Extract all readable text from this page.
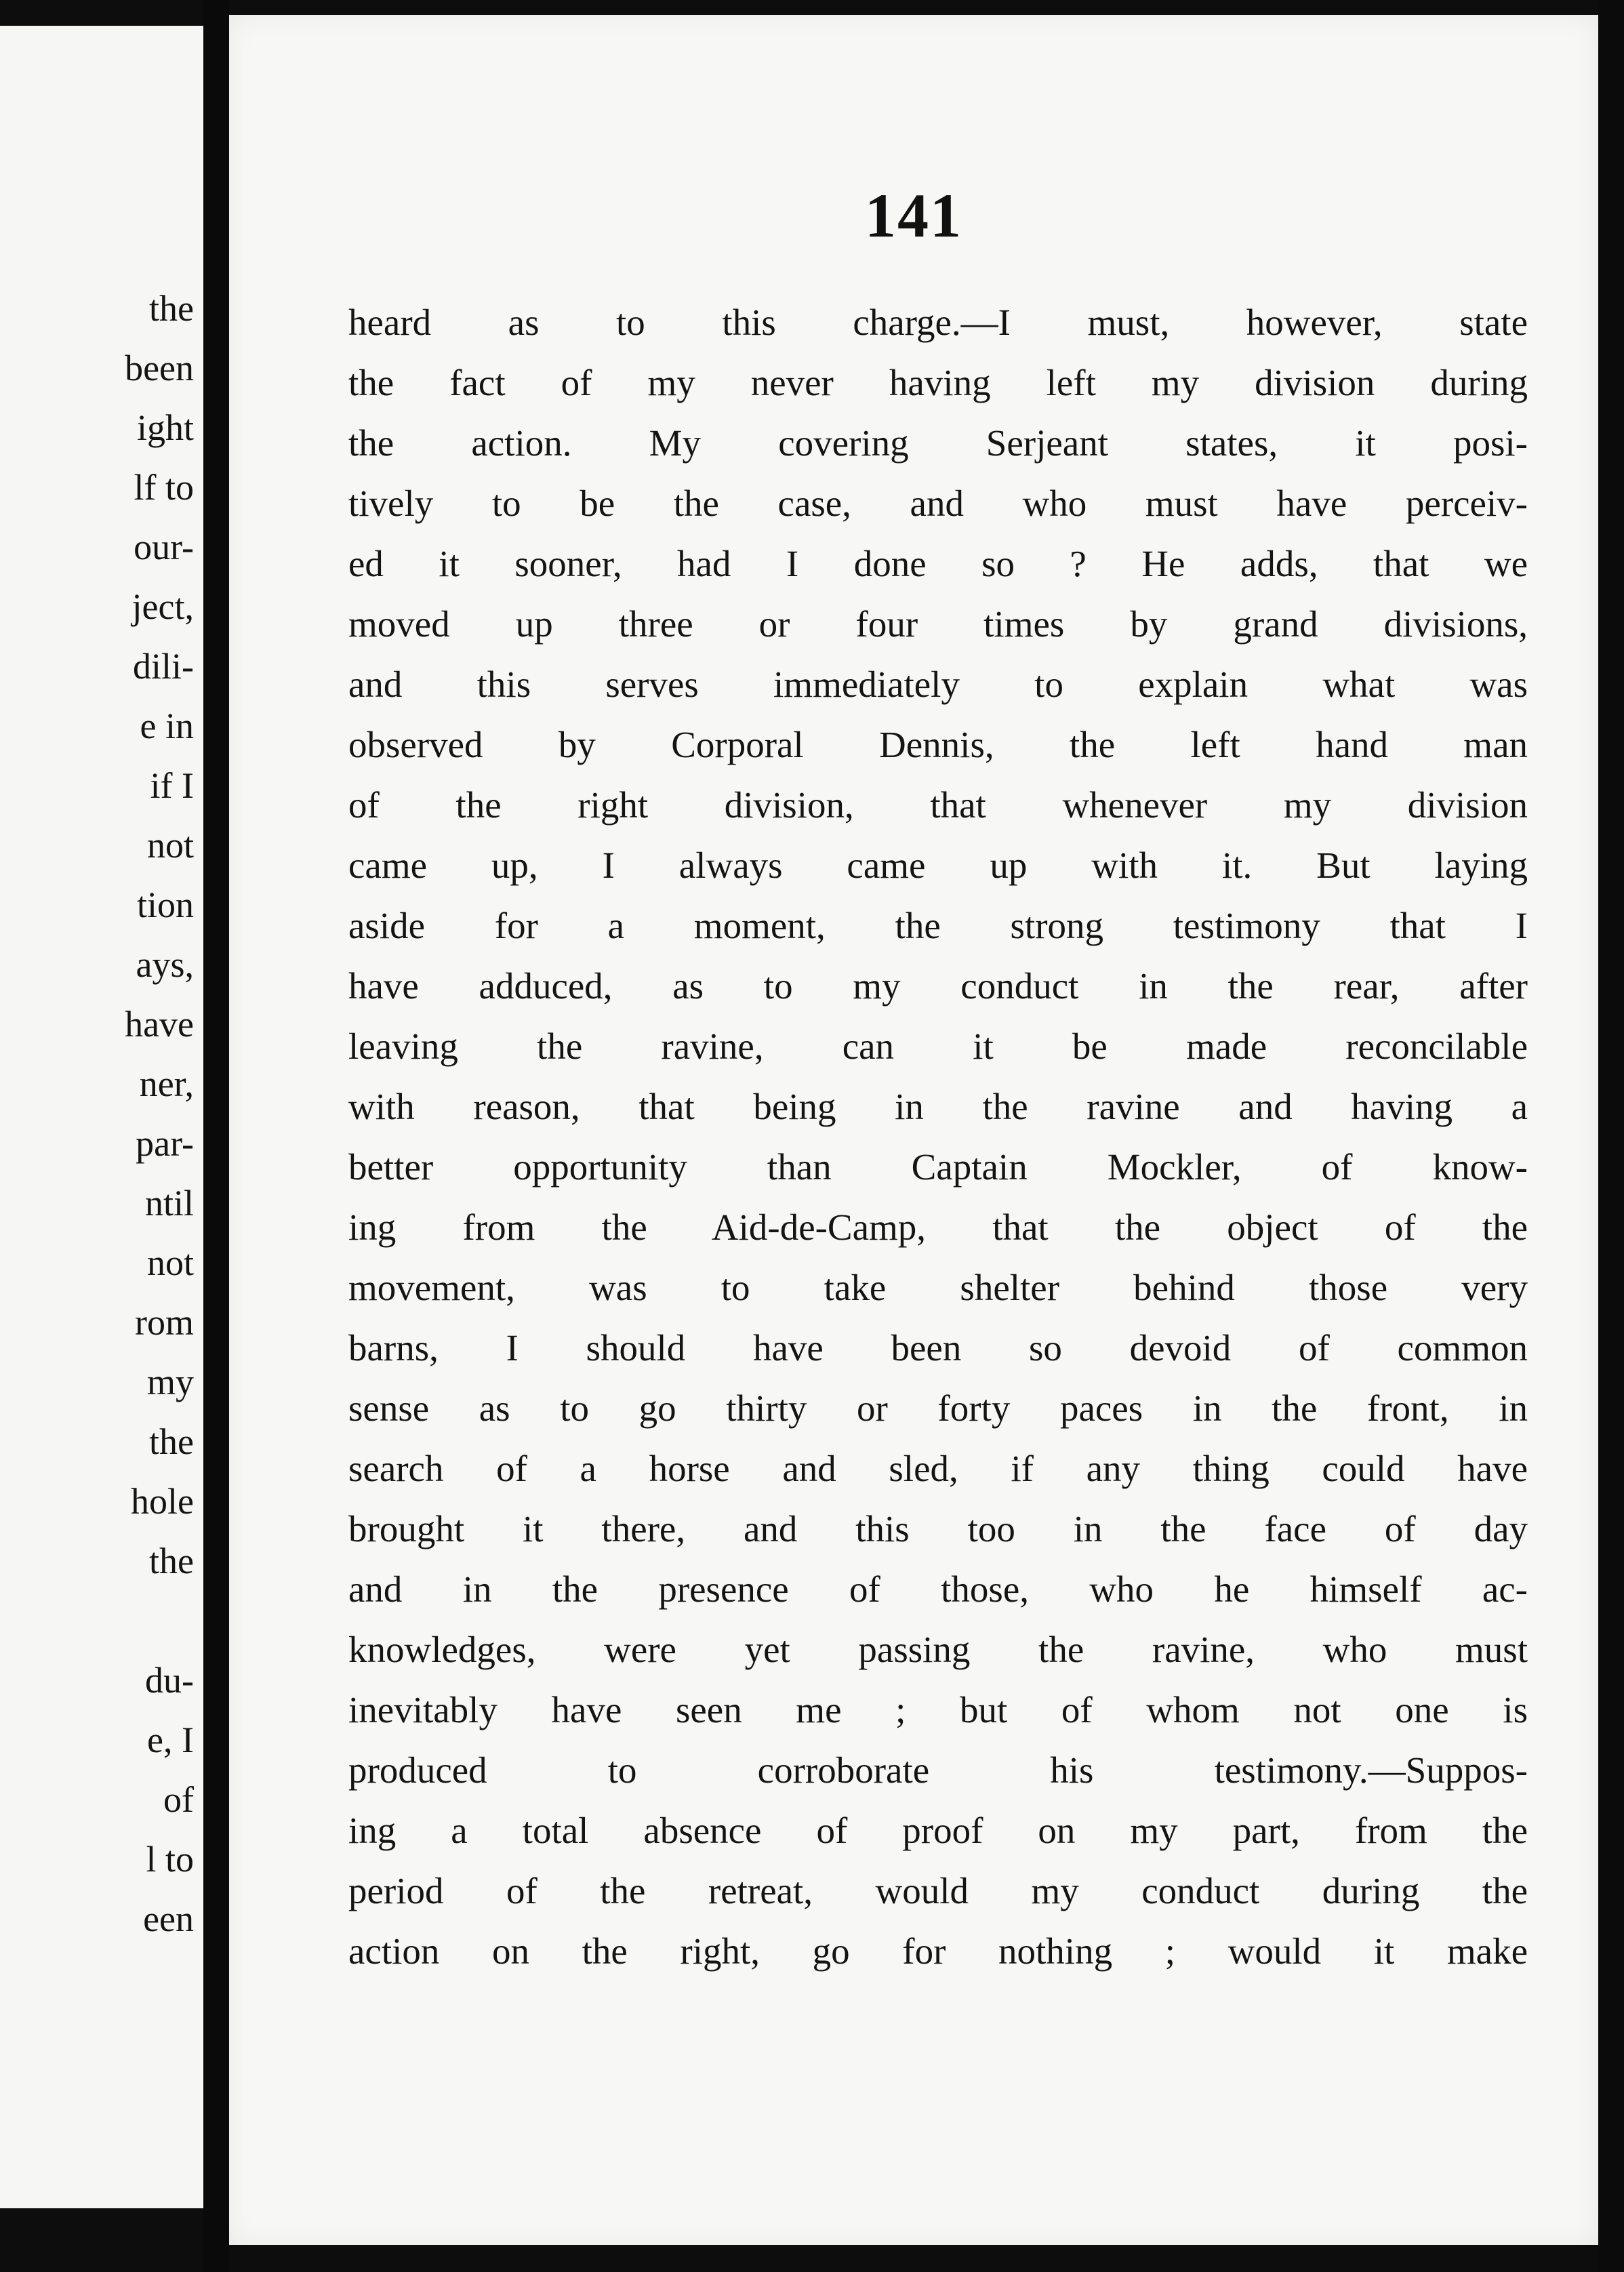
the
been
ight
lf to
our-
ject,
dili-
e in
if I
not
tion
ays,
have
ner,
par-
ntil
not
rom
my
the
hole
the
du-
e, I
of
l to
een
141
heard as to this charge.—I must, however, state
the fact of my never having left my division during
the action. My covering Serjeant states, it posi-
tively to be the case, and who must have perceiv-
ed it sooner, had I done so ? He adds, that we
moved up three or four times by grand divisions,
and this serves immediately to explain what was
observed by Corporal Dennis, the left hand man
of the right division, that whenever my division
came up, I always came up with it. But laying
aside for a moment, the strong testimony that I
have adduced, as to my conduct in the rear, after
leaving the ravine, can it be made reconcilable
with reason, that being in the ravine and having a
better opportunity than Captain Mockler, of know-
ing from the Aid-de-Camp, that the object of the
movement, was to take shelter behind those very
barns, I should have been so devoid of common
sense as to go thirty or forty paces in the front, in
search of a horse and sled, if any thing could have
brought it there, and this too in the face of day
and in the presence of those, who he himself ac-
knowledges, were yet passing the ravine, who must
inevitably have seen me ; but of whom not one is
produced to corroborate his testimony.—Suppos-
ing a total absence of proof on my part, from the
period of the retreat, would my conduct during the
action on the right, go for nothing ; would it make
